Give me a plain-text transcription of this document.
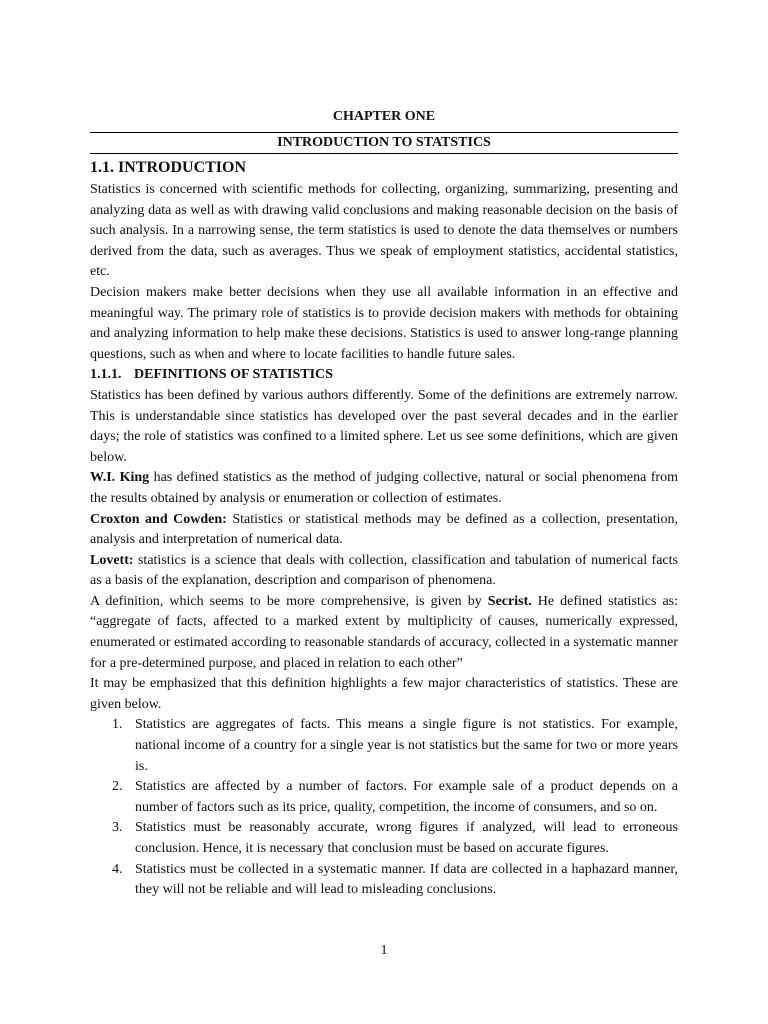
CHAPTER ONE
INTRODUCTION TO STATSTICS
1.1. INTRODUCTION

Statistics is concerned with scientific methods for collecting, organizing, summarizing, presenting and analyzing data as well as with drawing valid conclusions and making reasonable decision on the basis of such analysis. In a narrowing sense, the term statistics is used to denote the data themselves or numbers derived from the data, such as averages. Thus we speak of employment statistics, accidental statistics, etc.

Decision makers make better decisions when they use all available information in an effective and meaningful way. The primary role of statistics is to provide decision makers with methods for obtaining and analyzing information to help make these decisions. Statistics is used to answer long-range planning questions, such as when and where to locate facilities to handle future sales.

1.1.1. DEFINITIONS OF STATISTICS

Statistics has been defined by various authors differently. Some of the definitions are extremely narrow. This is understandable since statistics has developed over the past several decades and in the earlier days; the role of statistics was confined to a limited sphere. Let us see some definitions, which are given below.

W.I. King has defined statistics as the method of judging collective, natural or social phenomena from the results obtained by analysis or enumeration or collection of estimates.

Croxton and Cowden: Statistics or statistical methods may be defined as a collection, presentation, analysis and interpretation of numerical data.

Lovett: statistics is a science that deals with collection, classification and tabulation of numerical facts as a basis of the explanation, description and comparison of phenomena.

A definition, which seems to be more comprehensive, is given by Secrist. He defined statistics as: “aggregate of facts, affected to a marked extent by multiplicity of causes, numerically expressed, enumerated or estimated according to reasonable standards of accuracy, collected in a systematic manner for a pre-determined purpose, and placed in relation to each other”

It may be emphasized that this definition highlights a few major characteristics of statistics. These are given below.

1. Statistics are aggregates of facts. This means a single figure is not statistics. For example, national income of a country for a single year is not statistics but the same for two or more years is.
2. Statistics are affected by a number of factors. For example sale of a product depends on a number of factors such as its price, quality, competition, the income of consumers, and so on.
3. Statistics must be reasonably accurate, wrong figures if analyzed, will lead to erroneous conclusion. Hence, it is necessary that conclusion must be based on accurate figures.
4. Statistics must be collected in a systematic manner. If data are collected in a haphazard manner, they will not be reliable and will lead to misleading conclusions.
1
